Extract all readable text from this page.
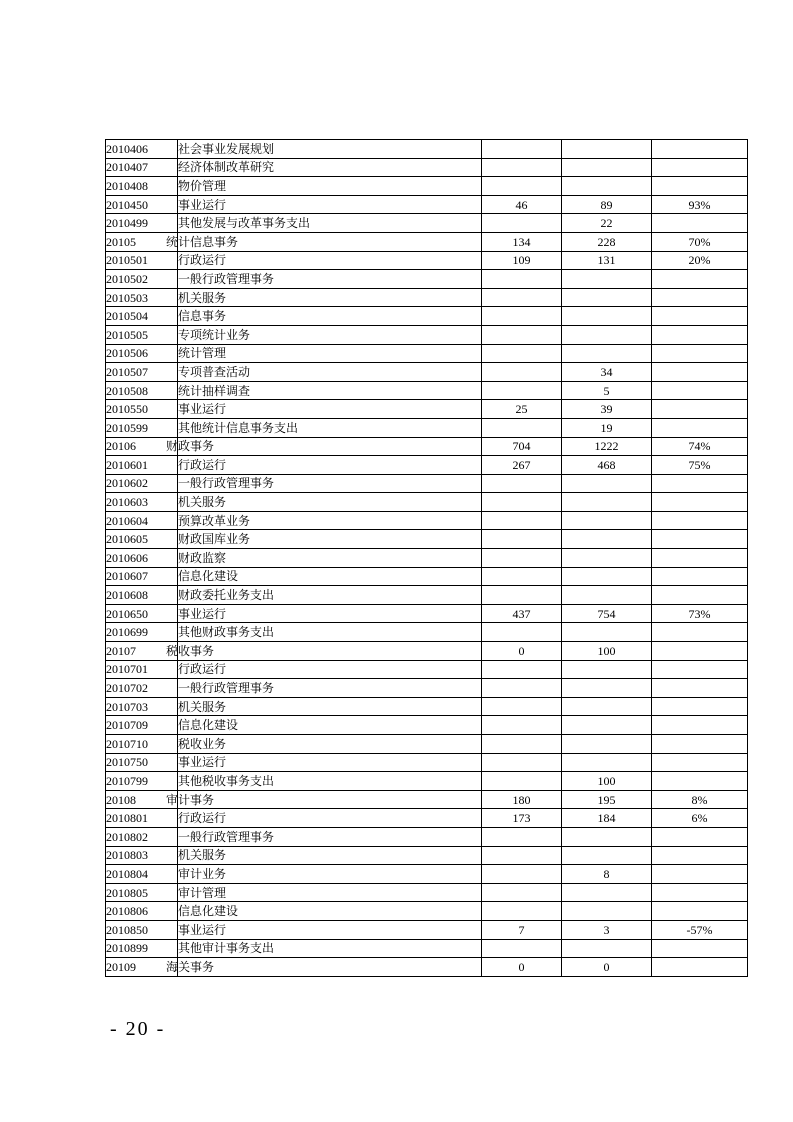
2010406	社会事业发展规划			
2010407	经济体制改革研究			
2010408	物价管理			
2010450	事业运行	46	89	93%
2010499	其他发展与改革事务支出		22	
20105	统计信息事务	134	228	70%
2010501	行政运行	109	131	20%
2010502	一般行政管理事务			
2010503	机关服务			
2010504	信息事务			
2010505	专项统计业务			
2010506	统计管理			
2010507	专项普查活动		34	
2010508	统计抽样调查		5	
2010550	事业运行	25	39	
2010599	其他统计信息事务支出		19	
20106	财政事务	704	1222	74%
2010601	行政运行	267	468	75%
2010602	一般行政管理事务			
2010603	机关服务			
2010604	预算改革业务			
2010605	财政国库业务			
2010606	财政监察			
2010607	信息化建设			
2010608	财政委托业务支出			
2010650	事业运行	437	754	73%
2010699	其他财政事务支出			
20107	税收事务	0	100	
2010701	行政运行			
2010702	一般行政管理事务			
2010703	机关服务			
2010709	信息化建设			
2010710	税收业务			
2010750	事业运行			
2010799	其他税收事务支出		100	
20108	审计事务	180	195	8%
2010801	行政运行	173	184	6%
2010802	一般行政管理事务			
2010803	机关服务			
2010804	审计业务		8	
2010805	审计管理			
2010806	信息化建设			
2010850	事业运行	7	3	-57%
2010899	其他审计事务支出			
20109	海关事务	0	0	
- 20 -
